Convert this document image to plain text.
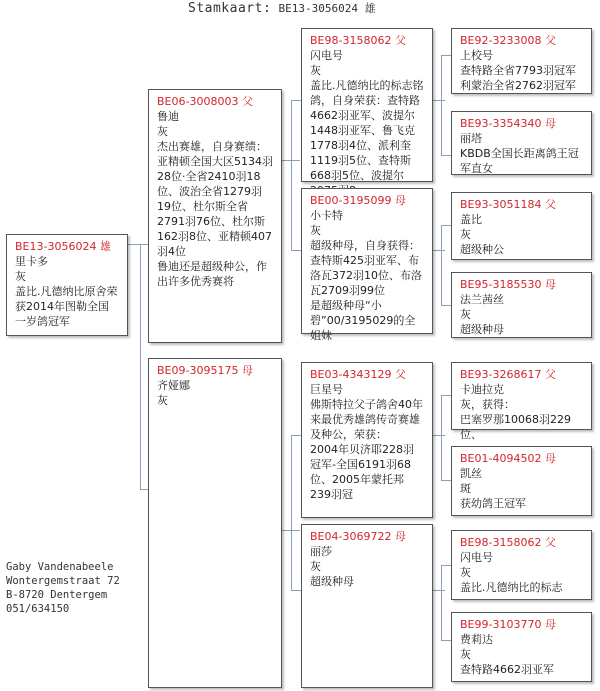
Stamkaart: BE13-3056024 雄
BE13-3056024 雄
里卡多
灰
盖比.凡德纳比原舍荣获2014年图勒全国一岁鸽冠军
BE06-3008003 父
鲁迪
灰
杰出赛雄，自身赛绩：亚精顿全国大区5134羽28位·全省2410羽18位、波治全省1279羽19位、杜尔斯全省2791羽76位、杜尔斯162羽8位、亚精顿407羽4位
鲁迪还是超级种公，作出许多优秀赛将
BE09-3095175 母
齐娅娜
灰
BE98-3158062 父
闪电号
灰
盖比.凡德纳比的标志铭鸽，自身荣获：查特路4662羽亚军、波提尔1448羽亚军、鲁飞克1778羽4位、派利奎1119羽5位、查特斯668羽5位、波提尔
BE00-3195099 母
小卡特
灰
超级种母，自身获得：查特斯425羽亚军、布洛瓦372羽10位、布洛瓦2709羽99位
是超级种母“小碧”00/3195029的全姐妹
BE03-4343129 父
巨星号
佛斯特拉父子鸽舍40年来最优秀雄鸽传奇赛雄及种公，荣获：
2004年贝济耶228羽冠军-全国6191羽68位、2005年蒙托邦239羽冠
BE04-3069722 母
丽莎
灰
超级种母
BE92-3233008 父
上校号
查特路全省7793羽冠军利蒙治全省2762羽冠军
BE93-3354340 母
丽塔
KBDB全国长距离鸽王冠军直女
BE93-3051184 父
盖比
灰
超级种公
BE95-3185530 母
法兰茜丝
灰
超级种母
BE93-3268617 父
卡迪拉克
灰，获得：
巴塞罗那10068羽229位、
BE01-4094502 母
凯丝
斑
获幼鸽王冠军
BE98-3158062 父
闪电号
灰
盖比.凡德纳比的标志
BE99-3103770 母
费莉达
灰
查特路4662羽亚军
Gaby Vandenabeele
Wontergemstraat 72
B-8720 Dentergem
051/634150
